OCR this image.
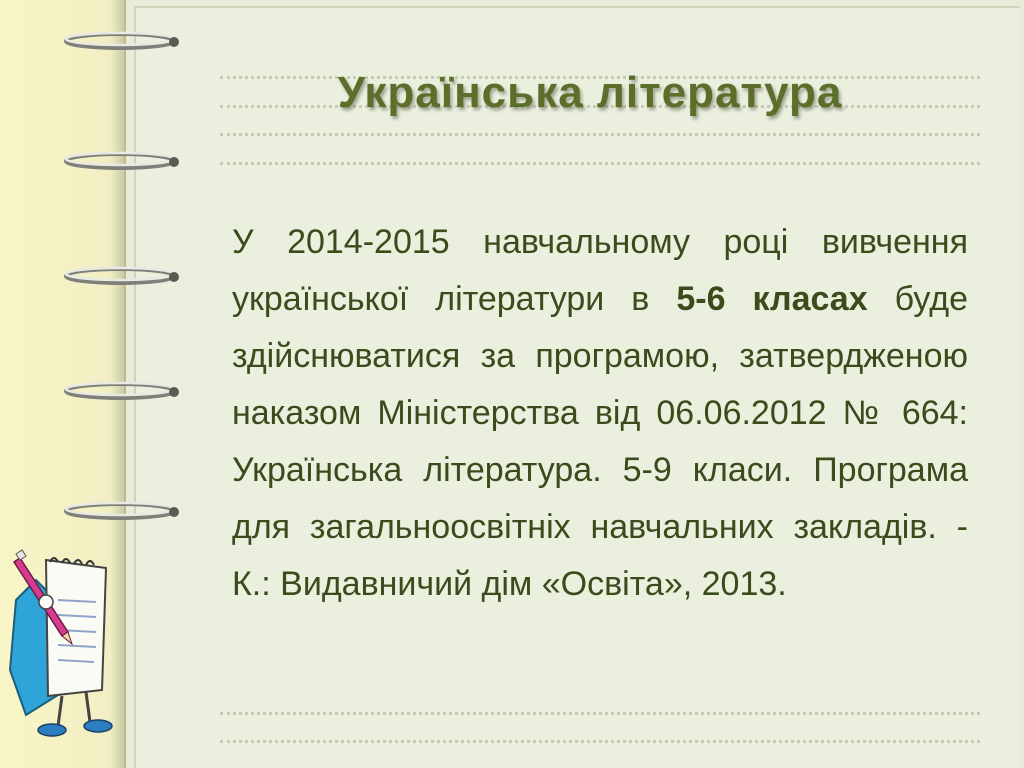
Українська література
У 2014-2015 навчальному році вивчення української літератури в 5-6 класах буде здійснюватися за програмою, затвердженою наказом Міністерства від 06.06.2012 № 664: Українська література. 5-9 класи. Програма для загальноосвітніх навчальних закладів. - К.: Видавничий дім «Освіта», 2013.
